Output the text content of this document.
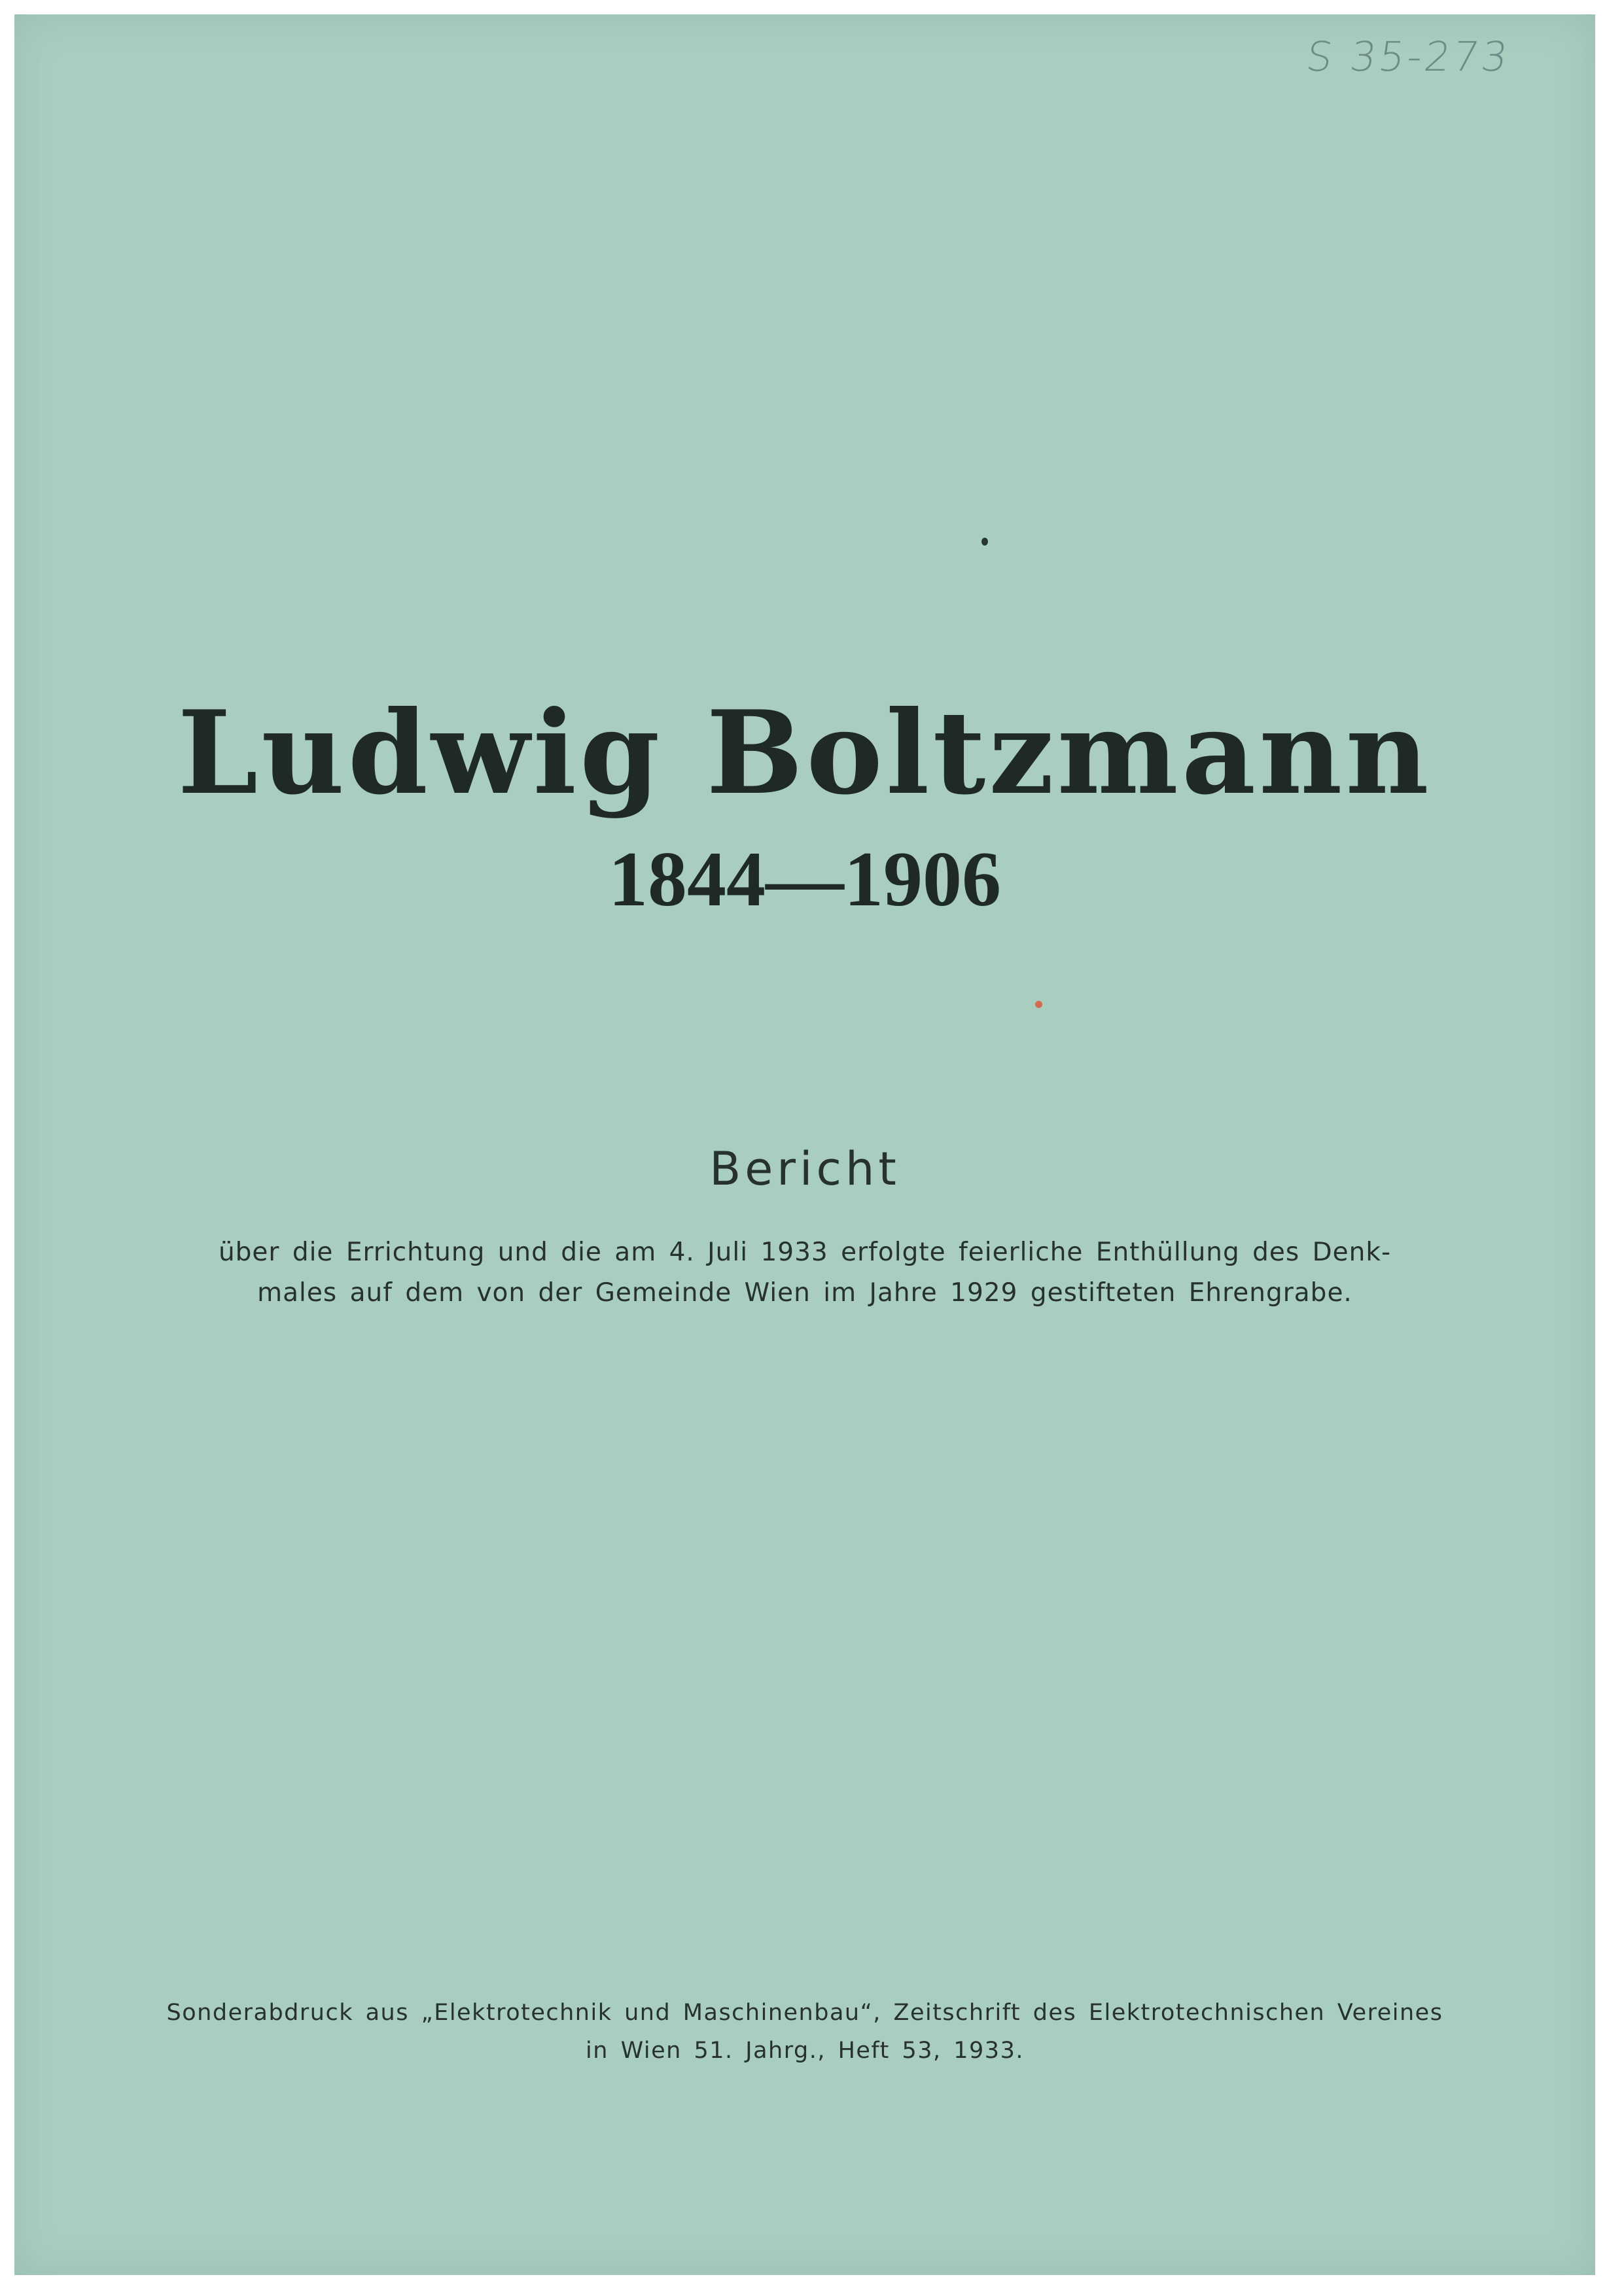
S 35-273
Ludwig Boltzmann
1844—1906
Bericht
über die Errichtung und die am 4. Juli 1933 erfolgte feierliche Enthüllung des Denk-
males auf dem von der Gemeinde Wien im Jahre 1929 gestifteten Ehrengrabe.
Sonderabdruck aus „Elektrotechnik und Maschinenbau“, Zeitschrift des Elektrotechnischen Vereines
in Wien 51. Jahrg., Heft 53, 1933.
